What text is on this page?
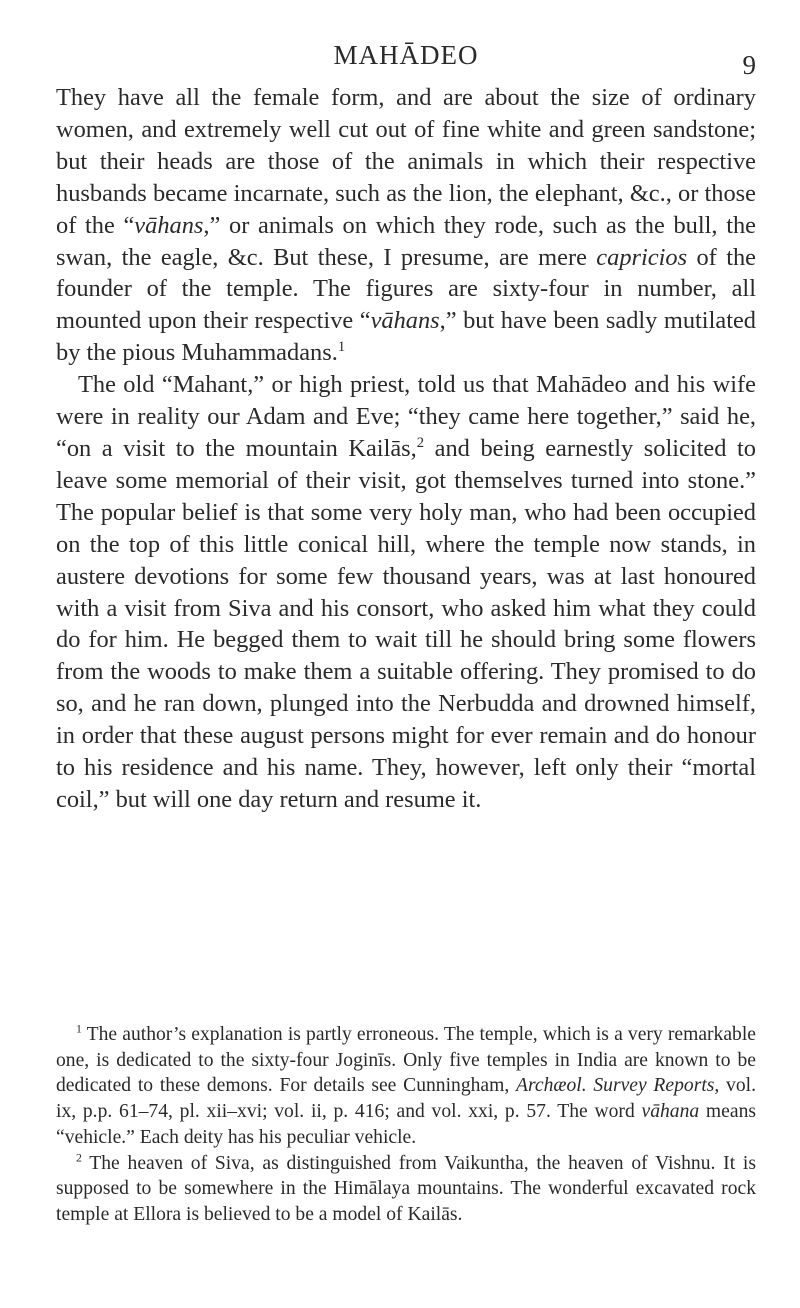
MAHĀDEO	9

They have all the female form, and are about the size of ordinary women, and extremely well cut out of fine white and green sandstone; but their heads are those of the animals in which their respective husbands became incarnate, such as the lion, the elephant, &c., or those of the “vāhans,” or animals on which they rode, such as the bull, the swan, the eagle, &c. But these, I presume, are mere capricios of the founder of the temple. The figures are sixty-four in number, all mounted upon their respective “vāhans,” but have been sadly mutilated by the pious Muhammadans.$^1$

The old “Mahant,” or high priest, told us that Mahādeo and his wife were in reality our Adam and Eve; “they came here together,” said he, “on a visit to the mountain Kailās,$^2$ and being earnestly solicited to leave some memorial of their visit, got themselves turned into stone.” The popular belief is that some very holy man, who had been occupied on the top of this little conical hill, where the temple now stands, in austere devotions for some few thousand years, was at last honoured with a visit from Siva and his consort, who asked him what they could do for him. He begged them to wait till he should bring some flowers from the woods to make them a suitable offering. They promised to do so, and he ran down, plunged into the Nerbudda and drowned himself, in order that these august persons might for ever remain and do honour to his residence and his name. They, however, left only their “mortal coil,” but will one day return and resume it.

$^1$ The author’s explanation is partly erroneous. The temple, which is a very remarkable one, is dedicated to the sixty-four Joginīs. Only five temples in India are known to be dedicated to these demons. For details see Cunningham, Archæol. Survey Reports, vol. ix, p.p. 61–74, pl. xii–xvi; vol. ii, p. 416; and vol. xxi, p. 57. The word vāhana means “vehicle.” Each deity has his peculiar vehicle.

$^2$ The heaven of Siva, as distinguished from Vaikuntha, the heaven of Vishnu. It is supposed to be somewhere in the Himālaya mountains. The wonderful excavated rock temple at Ellora is believed to be a model of Kailās.
